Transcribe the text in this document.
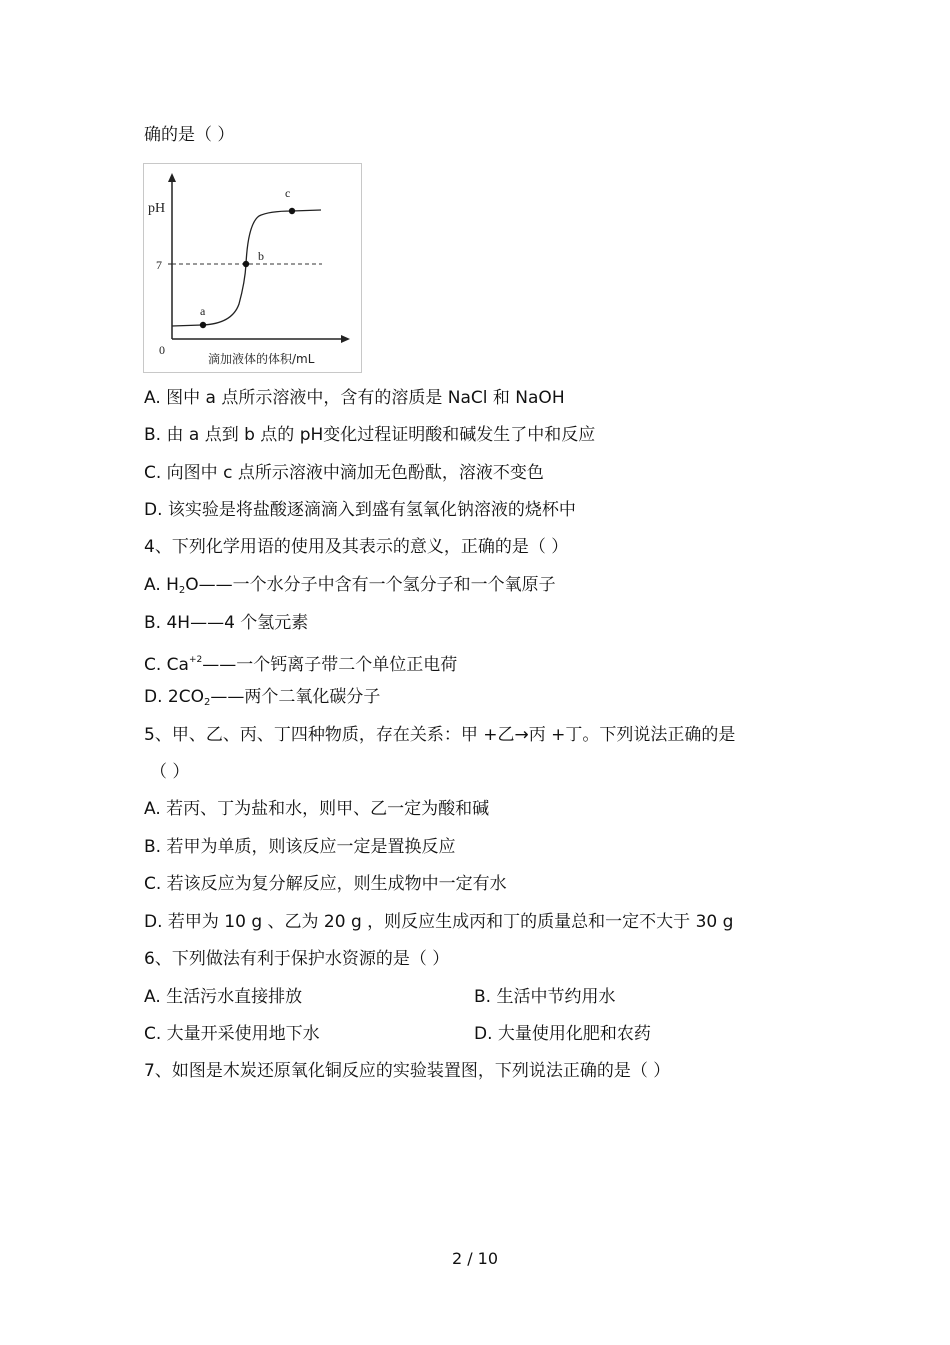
确的是（ ）
pH
7
0
a
b
c
滴加液体的体积/mL
A. 图中 a 点所示溶液中，含有的溶质是 NaCl 和 NaOH
B. 由 a 点到 b 点的 pH变化过程证明酸和碱发生了中和反应
C. 向图中 c 点所示溶液中滴加无色酚酞，溶液不变色
D. 该实验是将盐酸逐滴滴入到盛有氢氧化钠溶液的烧杯中
4、下列化学用语的使用及其表示的意义，正确的是（ ）
A. $H_2O——$一个水分子中含有一个氢分子和一个氧原子
B. 4H——4 个氢元素
C. $Ca^{+2}——$一个钙离子带二个单位正电荷
D. $2CO_2——$两个二氧化碳分子
5、甲、乙、丙、丁四种物质，存在关系：甲 +乙→丙 +丁。下列说法正确的是
（ ）
A. 若丙、丁为盐和水，则甲、乙一定为酸和碱
B. 若甲为单质，则该反应一定是置换反应
C. 若该反应为复分解反应，则生成物中一定有水
D. 若甲为 10 g 、乙为 20 g ，则反应生成丙和丁的质量总和一定不大于 30 g
6、下列做法有利于保护水资源的是（ ）
A. 生活污水直接排放	B. 生活中节约用水
C. 大量开采使用地下水	D. 大量使用化肥和农药
7、如图是木炭还原氧化铜反应的实验装置图，下列说法正确的是（ ）
2 / 10
